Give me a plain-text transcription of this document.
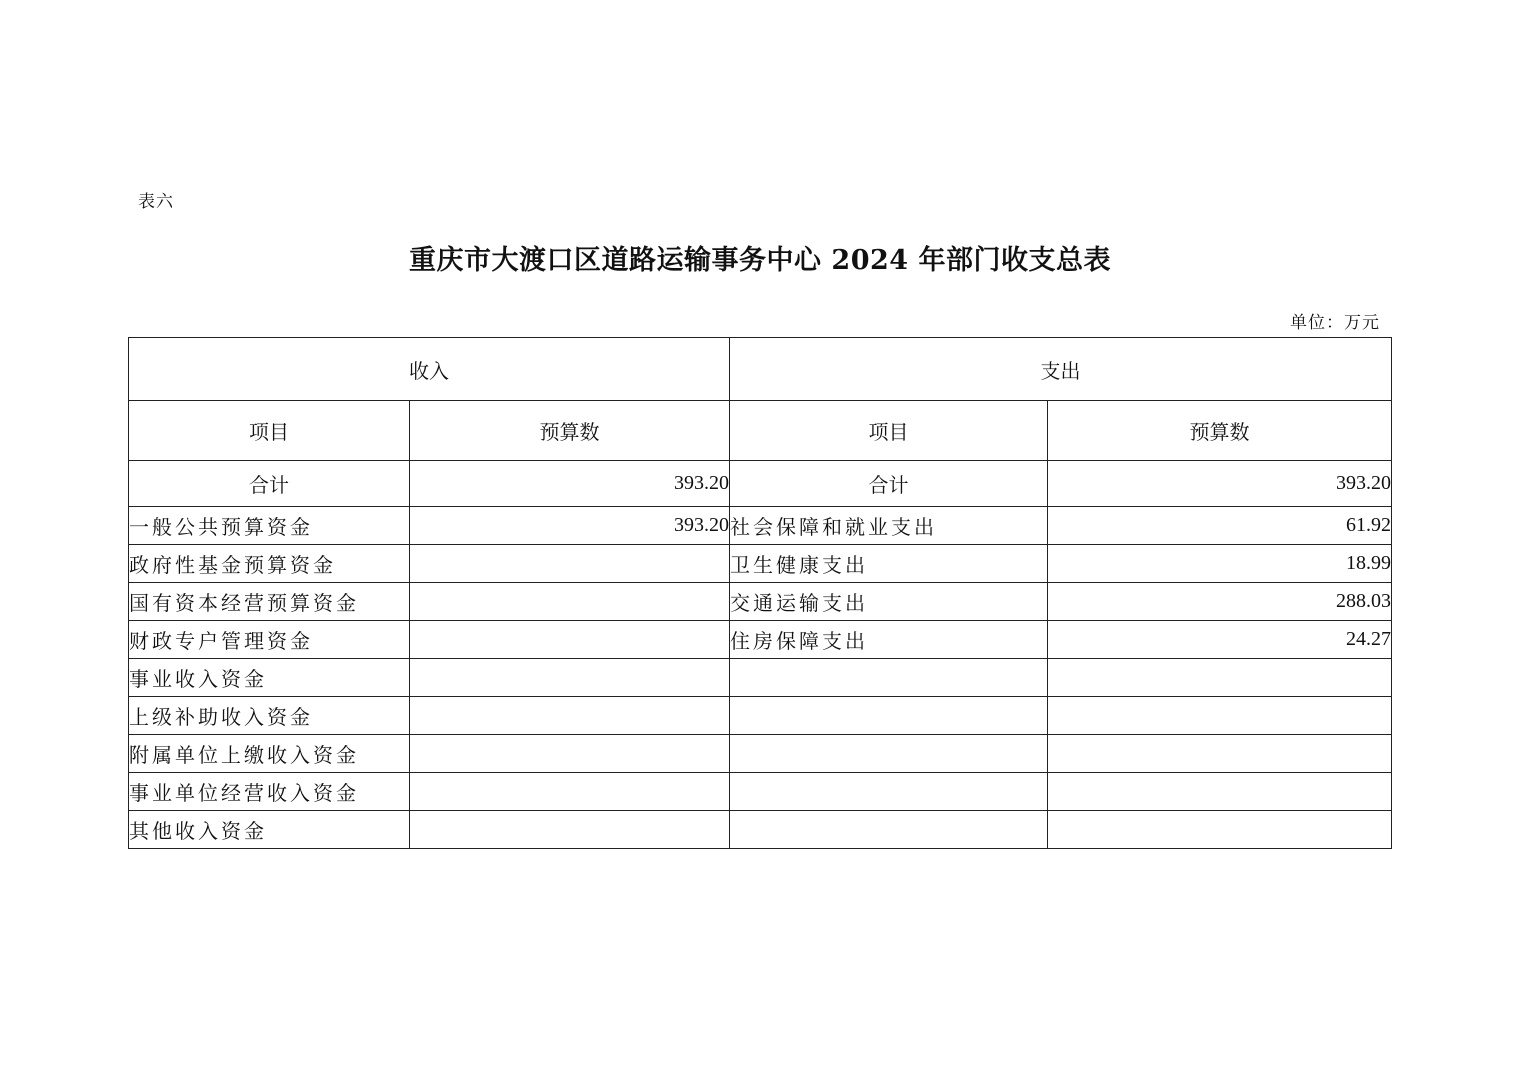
表六
重庆市大渡口区道路运输事务中心 2024 年部门收支总表
单位：万元
收入		支出	
项目	预算数	项目	预算数
合计	393.20	合计	393.20
一般公共预算资金	393.20	社会保障和就业支出	61.92
政府性基金预算资金		卫生健康支出	18.99
国有资本经营预算资金		交通运输支出	288.03
财政专户管理资金		住房保障支出	24.27
事业收入资金			
上级补助收入资金			
附属单位上缴收入资金			
事业单位经营收入资金			
其他收入资金			
